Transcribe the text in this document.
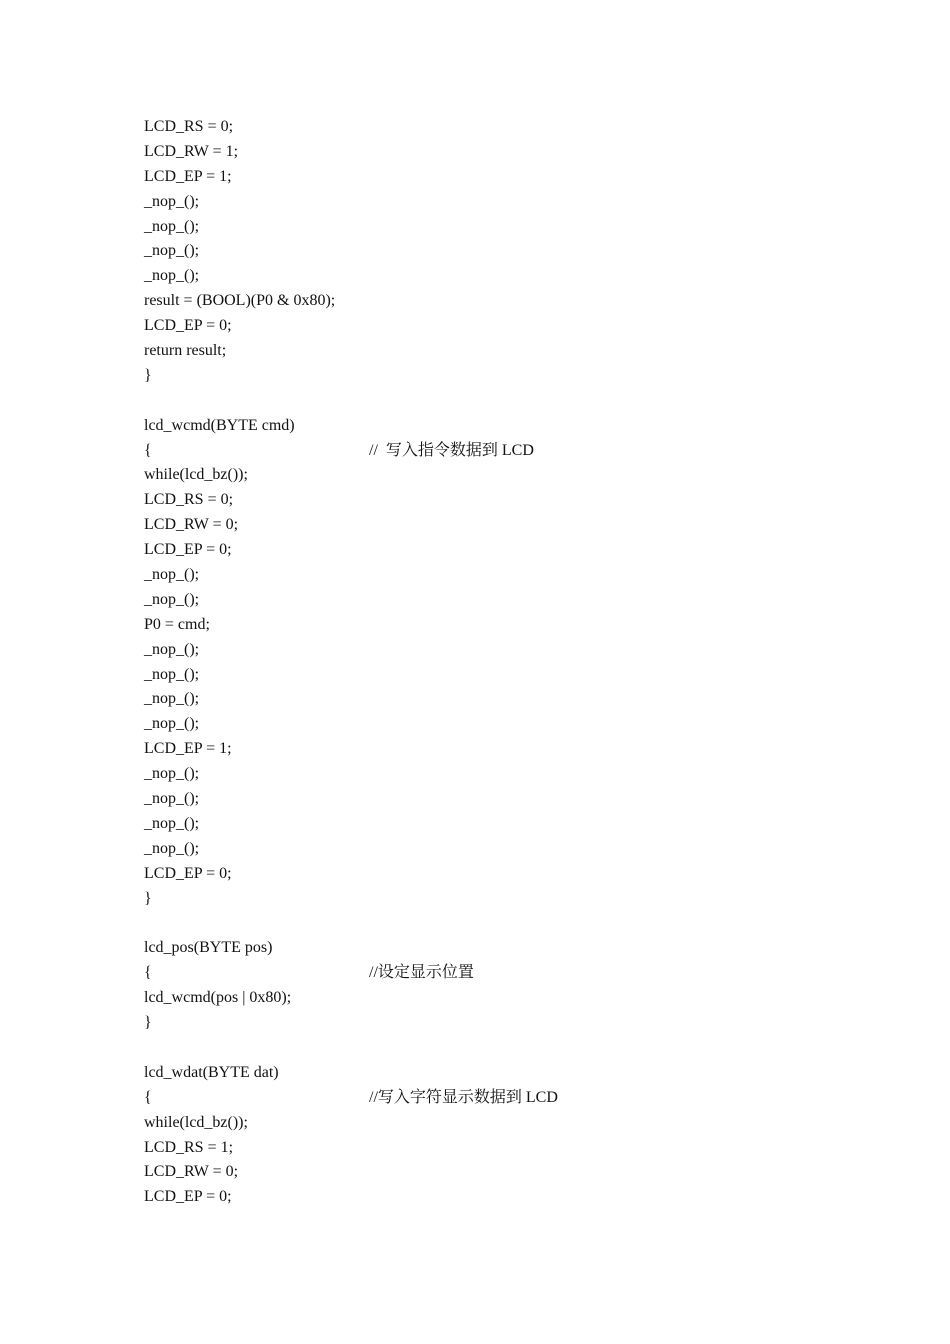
LCD_RS = 0;
LCD_RW = 1;
LCD_EP = 1;
_nop_();
_nop_();
_nop_();
_nop_();
result = (BOOL)(P0 & 0x80);
LCD_EP = 0;
return result;
}
lcd_wcmd(BYTE cmd)
{	//  写入指令数据到 LCD
while(lcd_bz());
LCD_RS = 0;
LCD_RW = 0;
LCD_EP = 0;
_nop_();
_nop_();
P0 = cmd;
_nop_();
_nop_();
_nop_();
_nop_();
LCD_EP = 1;
_nop_();
_nop_();
_nop_();
_nop_();
LCD_EP = 0;
}
lcd_pos(BYTE pos)
{	//设定显示位置
lcd_wcmd(pos | 0x80);
}
lcd_wdat(BYTE dat)
{	//写入字符显示数据到 LCD
while(lcd_bz());
LCD_RS = 1;
LCD_RW = 0;
LCD_EP = 0;
